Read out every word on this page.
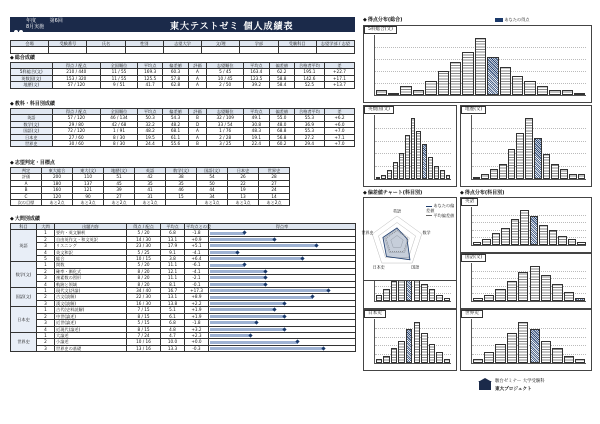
年度	第6回
8月実施	東大テストゼミ 個人成績表
会場	受験番号	氏名	性別	志望大学	文/理	学部	受験科目	志望学部 / 志望

◆ 総合成績
	得点 / 配点	全国順位	平均点	偏差値	評価	志望順位	平均点	偏差値	合格者平均	差
5科総合(文)	210 / 440	11 / 55	169.3	60.3	A	5 / 45	163.4	62.2	195.1	+22.7
英数国(文)	153 / 320	11 / 55	125.5	57.8	A	10 / 45	123.5	58.8	142.6	+17.1
地歴(文)	57 / 120	9 / 51	41.7	62.8	A	2 / 50	39.2	58.4	52.5	+13.7
◆ 教科・科目別成績
	得点 / 配点	全国順位	平均点	偏差値	評価	志望順位	平均点	偏差値	合格者平均	差
英語	57 / 120	46 / 134	50.3	54.3	B	32 / 109	49.1	55.0	55.3	+6.2
数学(文)	29 / 80	42 / 68	32.2	48.2	D	33 / 54	30.8	48.0	36.9	+6.0
国語(文)	72 / 120	1 / 91	48.2	68.1	A	1 / 76	48.3	68.8	55.3	+7.0
日本史	27 / 60	8 / 30	19.5	61.1	A	2 / 28	19.1	56.8	27.2	+7.1
世界史	30 / 60	8 / 30	24.4	55.6	B	3 / 25	22.4	60.2	29.4	+7.0
◆ 志望判定・目標点
判定	東大総合	東大(文)	地歴(文)	英語	数学(文)	国語(文)	日本史	世界史
評価	200	110	51	42	38	54	26	28
A	180	137	45	35	35	50	22	27
B	160	121	39	41	46	44	19	24
C	120	90	27	31	15	34	13	14
次の目標	あと2点	あと3点	あと2点	あと1点		あと1点	あと1点	あと2点
◆ 大問別成績
科目	大問	出題内容	得点 / 配点	平均点	平均点との差	得点率
英語	1	要約・英文解釈	5 / 20	6.8	-1.8	

	2	自由英作文・和文英訳	14 / 30	13.1	+0.9	

	3	リスニング	23 / 30	17.9	+5.1	

	4	英文和訳	5 / 25	9.1	-4.1	

	5	総合	10 / 15	3.8	+6.4	

数学(文)	1	関数	5 / 20	11.1	-6.1	

	2	確率・漸化式	8 / 20	12.1	-4.1	

	3	複素数の図形	8 / 20	11.1	-2.1	

	4	軌跡と領域	8 / 20	8.1	-0.1	

国語(文)	1	現代文(評論)	34 / 40	16.7	+17.3	

	2	古文(読解)	22 / 30	13.1	+8.9	

	3	漢文(読解)	16 / 30	13.8	+2.2	

日本史	1	古代(史料読解)	7 / 15	5.1	+1.9	

	2	中世(論述)	8 / 15	6.1	+1.9	

	3	近世(論述)	5 / 15	6.8	-1.8	

	4	近現代(論述)	8 / 15	4.8	+3.2	

世界史	1	大論述	7 / 24	4.7	+2.3	

	2	小論述	10 / 16	10.0	+0.0	

	3	世界史の基礎	13 / 16	13.3	-0.3	
◆ 得点分布(総合)	あなたの得点
5科総合(文)
英数国(文)	地歴(文)
英語
国語(文)
日本史	世界史
◆ 偏差値チャート(科目別)
英語
数学
国語
日本史
世界史
あなたの偏差値
平均偏差値
◆ 得点分布(科目別)
駿台ゼミナー 大学受験科
東大プロジェクト
